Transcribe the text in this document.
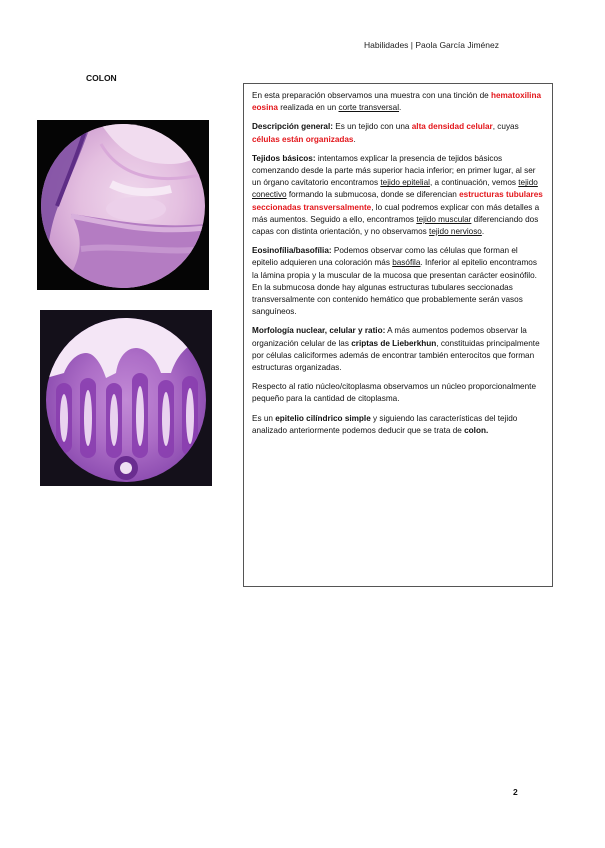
Habilidades | Paola García Jiménez
COLON

En esta preparación observamos una muestra con una tinción de hematoxilina eosina realizada en un corte transversal.

Descripción general: Es un tejido con una alta densidad celular, cuyas células están organizadas.

Tejidos básicos: intentamos explicar la presencia de tejidos básicos comenzando desde la parte más superior hacia inferior; en primer lugar, al ser un órgano cavitatorio encontramos tejido epitelial, a continuación, vemos tejido conectivo formando la submucosa, donde se diferencian estructuras tubulares seccionadas transversalmente, lo cual podremos explicar con más detalles a más aumentos. Seguido a ello, encontramos tejido muscular diferenciando dos capas con distinta orientación, y no observamos tejido nervioso.

Eosinofília/basofília: Podemos observar como las células que forman el epitelio adquieren una coloración más basófila. Inferior al epitelio encontramos la lámina propia y la muscular de la mucosa que presentan carácter eosinófilo. En la submucosa donde hay algunas estructuras tubulares seccionadas transversalmente con contenido hemático que probablemente serán vasos sanguíneos.

Morfología nuclear, celular y ratio: A más aumentos podemos observar la organización celular de las criptas de Lieberkhun, constituidas principalmente por células caliciformes además de encontrar también enterocitos que forman estructuras organizadas.

Respecto al ratio núcleo/citoplasma observamos un núcleo proporcionalmente pequeño para la cantidad de citoplasma.

Es un epitelio cilíndrico simple y siguiendo las características del tejido analizado anteriormente podemos deducir que se trata de colon.

2
